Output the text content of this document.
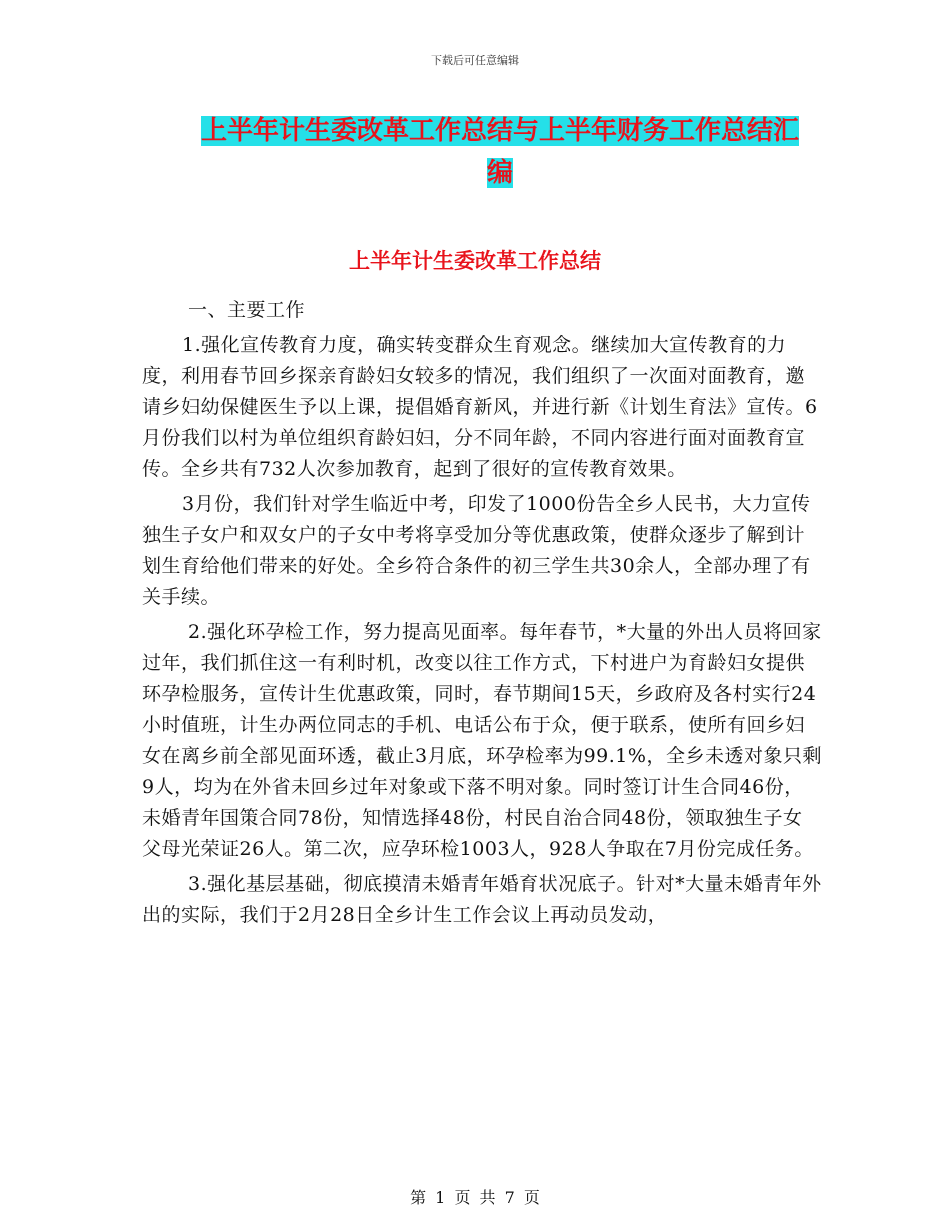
下载后可任意编辑
上半年计生委改革工作总结与上半年财务工作总结汇
编
上半年计生委改革工作总结

一、主要工作

1.强化宣传教育力度，确实转变群众生育观念。继续加大宣传教育的力度，利用春节回乡探亲育龄妇女较多的情况，我们组织了一次面对面教育，邀请乡妇幼保健医生予以上课，提倡婚育新风，并进行新《计划生育法》宣传。6月份我们以村为单位组织育龄妇妇，分不同年龄，不同内容进行面对面教育宣传。全乡共有732人次参加教育，起到了很好的宣传教育效果。

3月份，我们针对学生临近中考，印发了1000份告全乡人民书，大力宣传独生子女户和双女户的子女中考将享受加分等优惠政策，使群众逐步了解到计划生育给他们带来的好处。全乡符合条件的初三学生共30余人，全部办理了有关手续。

2.强化环孕检工作，努力提高见面率。每年春节，*大量的外出人员将回家过年，我们抓住这一有利时机，改变以往工作方式，下村进户为育龄妇女提供环孕检服务，宣传计生优惠政策，同时，春节期间15天，乡政府及各村实行24小时值班，计生办两位同志的手机、电话公布于众，便于联系，使所有回乡妇女在离乡前全部见面环透，截止3月底，环孕检率为99.1%，全乡未透对象只剩9人，均为在外省未回乡过年对象或下落不明对象。同时签订计生合同46份，未婚青年国策合同78份，知情选择48份，村民自治合同48份，领取独生子女父母光荣证26人。第二次，应孕环检1003人，928人争取在7月份完成任务。

3.强化基层基础，彻底摸清未婚青年婚育状况底子。针对*大量未婚青年外出的实际，我们于2月28日全乡计生工作会议上再动员发动，

第 1 页 共 7 页
